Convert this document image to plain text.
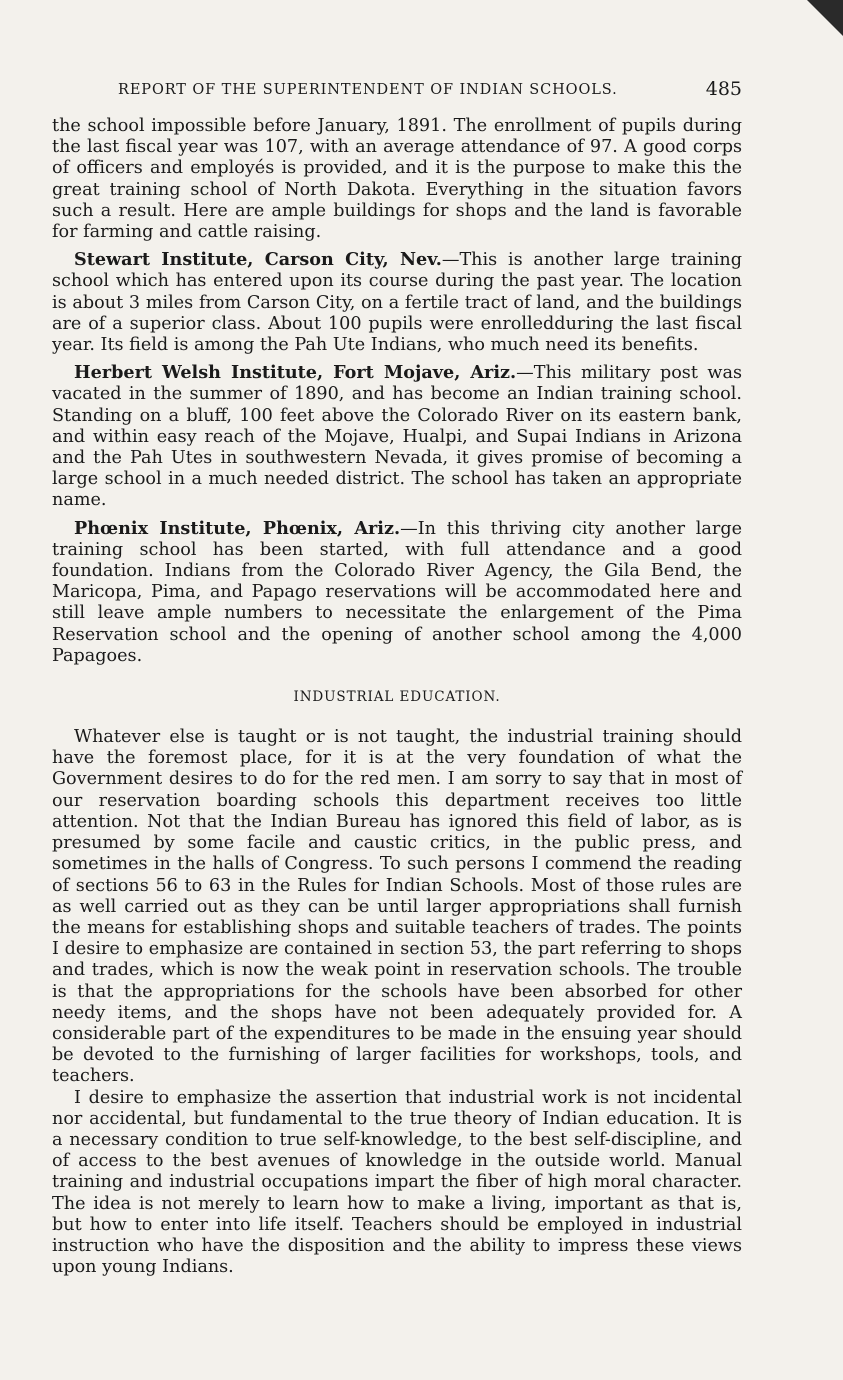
REPORT OF THE SUPERINTENDENT OF INDIAN SCHOOLS.	485

the school impossible before January, 1891. The enrollment of pupils during the last fiscal year was 107, with an average attendance of 97. A good corps of officers and employés is provided, and it is the purpose to make this the great training school of North Dakota. Everything in the situation favors such a result. Here are ample buildings for shops and the land is favorable for farming and cattle raising.

Stewart Institute, Carson City, Nev.—This is another large training school which has entered upon its course during the past year. The location is about 3 miles from Carson City, on a fertile tract of land, and the buildings are of a superior class. About 100 pupils were enrolledduring the last fiscal year. Its field is among the Pah Ute Indians, who much need its benefits.

Herbert Welsh Institute, Fort Mojave, Ariz.—This military post was vacated in the summer of 1890, and has become an Indian training school. Standing on a bluff, 100 feet above the Colorado River on its eastern bank, and within easy reach of the Mojave, Hualpi, and Supai Indians in Arizona and the Pah Utes in southwestern Nevada, it gives promise of becoming a large school in a much needed district. The school has taken an appropriate name.

Phœnix Institute, Phœnix, Ariz.—In this thriving city another large training school has been started, with full attendance and a good foundation. Indians from the Colorado River Agency, the Gila Bend, the Maricopa, Pima, and Papago reservations will be accommodated here and still leave ample numbers to necessitate the enlargement of the Pima Reservation school and the opening of another school among the 4,000 Papagoes.

INDUSTRIAL EDUCATION.

Whatever else is taught or is not taught, the industrial training should have the foremost place, for it is at the very foundation of what the Government desires to do for the red men. I am sorry to say that in most of our reservation boarding schools this department receives too little attention. Not that the Indian Bureau has ignored this field of labor, as is presumed by some facile and caustic critics, in the public press, and sometimes in the halls of Congress. To such persons I commend the reading of sections 56 to 63 in the Rules for Indian Schools. Most of those rules are as well carried out as they can be until larger appropriations shall furnish the means for establishing shops and suitable teachers of trades. The points I desire to emphasize are contained in section 53, the part referring to shops and trades, which is now the weak point in reservation schools. The trouble is that the appropriations for the schools have been absorbed for other needy items, and the shops have not been adequately provided for. A considerable part of the expenditures to be made in the ensuing year should be devoted to the furnishing of larger facilities for workshops, tools, and teachers.

I desire to emphasize the assertion that industrial work is not incidental nor accidental, but fundamental to the true theory of Indian education. It is a necessary condition to true self-knowledge, to the best self-discipline, and of access to the best avenues of knowledge in the outside world. Manual training and industrial occupations impart the fiber of high moral character. The idea is not merely to learn how to make a living, important as that is, but how to enter into life itself. Teachers should be employed in industrial instruction who have the disposition and the ability to impress these views upon young Indians.
